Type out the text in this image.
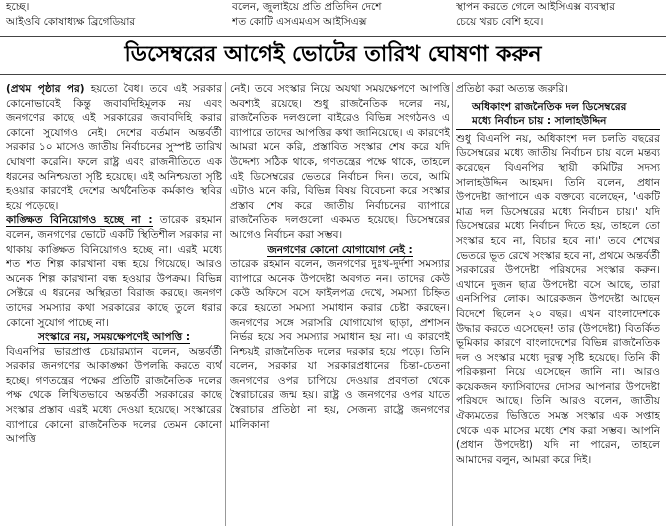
হচ্ছে।
আইওবি কোষাধ্যক্ষ ব্রিগেডিয়ার
বলেন, জুলাইয়ে প্রতি প্রতিদিন দেশে
শত কোটি এসএমএস আইসিএক্স
স্থাপন করতে গেলে আইসিএক্স ব্যবস্থার
চেয়ে খরচ বেশি হবে।
ডিসেম্বরের আগেই ভোটের তারিখ ঘোষণা করুন

(প্রথম পৃষ্ঠার পর) হয়তো বৈধ। তবে এই সরকার কোনোভাবেই কিন্তু জবাবদিহিমূলক নয় এবং জনগণের কাছে এই সরকারের জবাবদিহি করার কোনো সুযোগও নেই। দেশের বর্তমান অন্তর্বর্তী সরকার ১০ মাসেও জাতীয় নির্বাচনের সুস্পষ্ট তারিখ ঘোষণা করেনি। ফলে রাষ্ট্র এবং রাজনীতিতে এক ধরনের অনিশ্চয়তা সৃষ্টি হয়েছে। এই অনিশ্চয়তা সৃষ্টি হওয়ার কারণেই দেশের অর্থনৈতিক কর্মকাণ্ড স্থবির হয়ে পড়েছে।

কাঙ্ক্ষিত বিনিয়োগও হচ্ছে না : তারেক রহমান বলেন, জনগণের ভোটে একটি স্থিতিশীল সরকার না থাকায় কাঙ্ক্ষিত বিনিয়োগও হচ্ছে না। এরই মধ্যে শত শত শিল্প কারখানা বন্ধ হয়ে গিয়েছে। আরও অনেক শিল্প কারখানা বন্ধ হওয়ার উপক্রম। বিভিন্ন সেক্টরে এ ধরনের অস্থিরতা বিরাজ করছে। জনগণ তাদের সমস্যার কথা সরকারের কাছে তুলে ধরার কোনো সুযোগ পাচ্ছে না।

সংস্কারে নয়, সময়ক্ষেপণেই আপত্তি :

বিএনপির ভারপ্রাপ্ত চেয়ারম্যান বলেন, অন্তর্বর্তী সরকার জনগণের আকাঙ্ক্ষা উপলব্ধি করতে ব্যর্থ হচ্ছে। গণতন্ত্রের পক্ষের প্রতিটি রাজনৈতিক দলের পক্ষ থেকে লিখিতভাবে অন্তর্বর্তী সরকারের কাছে সংস্কার প্রস্তাব এরই মধ্যে দেওয়া হয়েছে। সংস্কারের ব্যাপারে কোনো রাজনৈতিক দলের তেমন কোনো আপত্তি

নেই। তবে সংস্কার নিয়ে অযথা সময়ক্ষেপণে আপত্তি অবশ্যই রয়েছে। শুধু রাজনৈতিক দলের নয়, রাজনৈতিক দলগুলো বাইরেও বিভিন্ন সংগঠনও এ ব্যাপারে তাদের আপত্তির কথা জানিয়েছে। এ কারণেই আমরা মনে করি, প্রস্তাবিত সংস্কার শেষ করে যদি উদ্দেশ্য সঠিক থাকে, গণতন্ত্রের পক্ষে থাকে, তাহলে এই ডিসেম্বরের ভেতরে নির্বাচন দিন। তবে, আমি এটাও মনে করি, বিভিন্ন বিষয় বিবেচনা করে সংস্কার প্রস্তাব শেষ করে জাতীয় নির্বাচনের ব্যাপারে রাজনৈতিক দলগুলো একমত হয়েছে। ডিসেম্বরের আগেও নির্বাচন করা সম্ভব।

জনগণের কোনো যোগাযোগ নেই :

তারেক রহমান বলেন, জনগণের দুঃখ-দুর্দশা সমস্যার ব্যাপারে অনেক উপদেষ্টা অবগত নন। তাদের কেউ কেউ অফিসে বসে ফাইলপত্র দেখে, সমস্যা চিহ্নিত করে হয়তো সমস্যা সমাধান করার চেষ্টা করছেন। জনগণের সঙ্গে সরাসরি যোগাযোগ ছাড়া, প্রশাসন নির্ভর হয়ে সব সমস্যার সমাধান হয় না। এ কারণেই নিশ্চয়ই রাজনৈতিক দলের দরকার হয়ে পড়ে। তিনি বলেন, সরকার যা সরকারপ্রধানের চিন্তা-চেতনা জনগণের ওপর চাপিয়ে দেওয়ার প্রবণতা থেকে স্বৈরাচারের জন্ম হয়। রাষ্ট্র ও জনগণের ওপর যাতে স্বৈরাচার প্রতিষ্ঠা না হয়, সেজন্য রাষ্ট্রে জনগণের মালিকানা

প্রতিষ্ঠা করা অত্যন্ত জরুরি।

অধিকাংশ রাজনৈতিক দল ডিসেম্বরের
মধ্যে নির্বাচন চায় : সালাহউদ্দিন

শুধু বিএনপি নয়, অধিকাংশ দল চলতি বছরের ডিসেম্বরের মধ্যে জাতীয় নির্বাচন চায় বলে মন্তব্য করেছেন বিএনপির স্থায়ী কমিটির সদস্য সালাহউদ্দিন আহমদ। তিনি বলেন, প্রধান উপদেষ্টা জাপানে এক বক্তব্যে বলেছেন, 'একটি মাত্র দল ডিসেম্বরের মধ্যে নির্বাচন চায়।' যদি ডিসেম্বরের মধ্যে নির্বাচন দিতে হয়, তাহলে তো সংস্কার হবে না, বিচার হবে না।' তবে শেখের ভেতরে ভূত রেখে সংস্কার হবে না, প্রথমে অন্তর্বর্তী সরকারের উপদেষ্টা পরিষদের সংস্কার করুন। এখানে দুজন ছাত্র উপদেষ্টা বসে আছে, তারা এনসিপির লোক। আরেকজন উপদেষ্টা আছেন বিদেশে ছিলেন ২০ বছর। এখন বাংলাদেশকে উদ্ধার করতে এসেছেন! তার (উপদেষ্টা) বিতর্কিত ভূমিকার কারণে বাংলাদেশের বিভিন্ন রাজনৈতিক দল ও সংস্কার মধ্যে দূরত্ব সৃষ্টি হয়েছে। তিনি কী পরিকল্পনা নিয়ে এসেছেন জানি না। আরও কয়েকজন ফ্যাসিবাদের দোসর আপনার উপদেষ্টা পরিষদে আছে। তিনি আরও বলেন, জাতীয় ঐক্যমতের ভিত্তিতে সমস্ত সংস্কার এক সপ্তাহ থেকে এক মাসের মধ্যে শেষ করা সম্ভব। আপনি (প্রধান উপদেষ্টা) যদি না পারেন, তাহলে আমাদের বলুন, আমরা করে দিই।
